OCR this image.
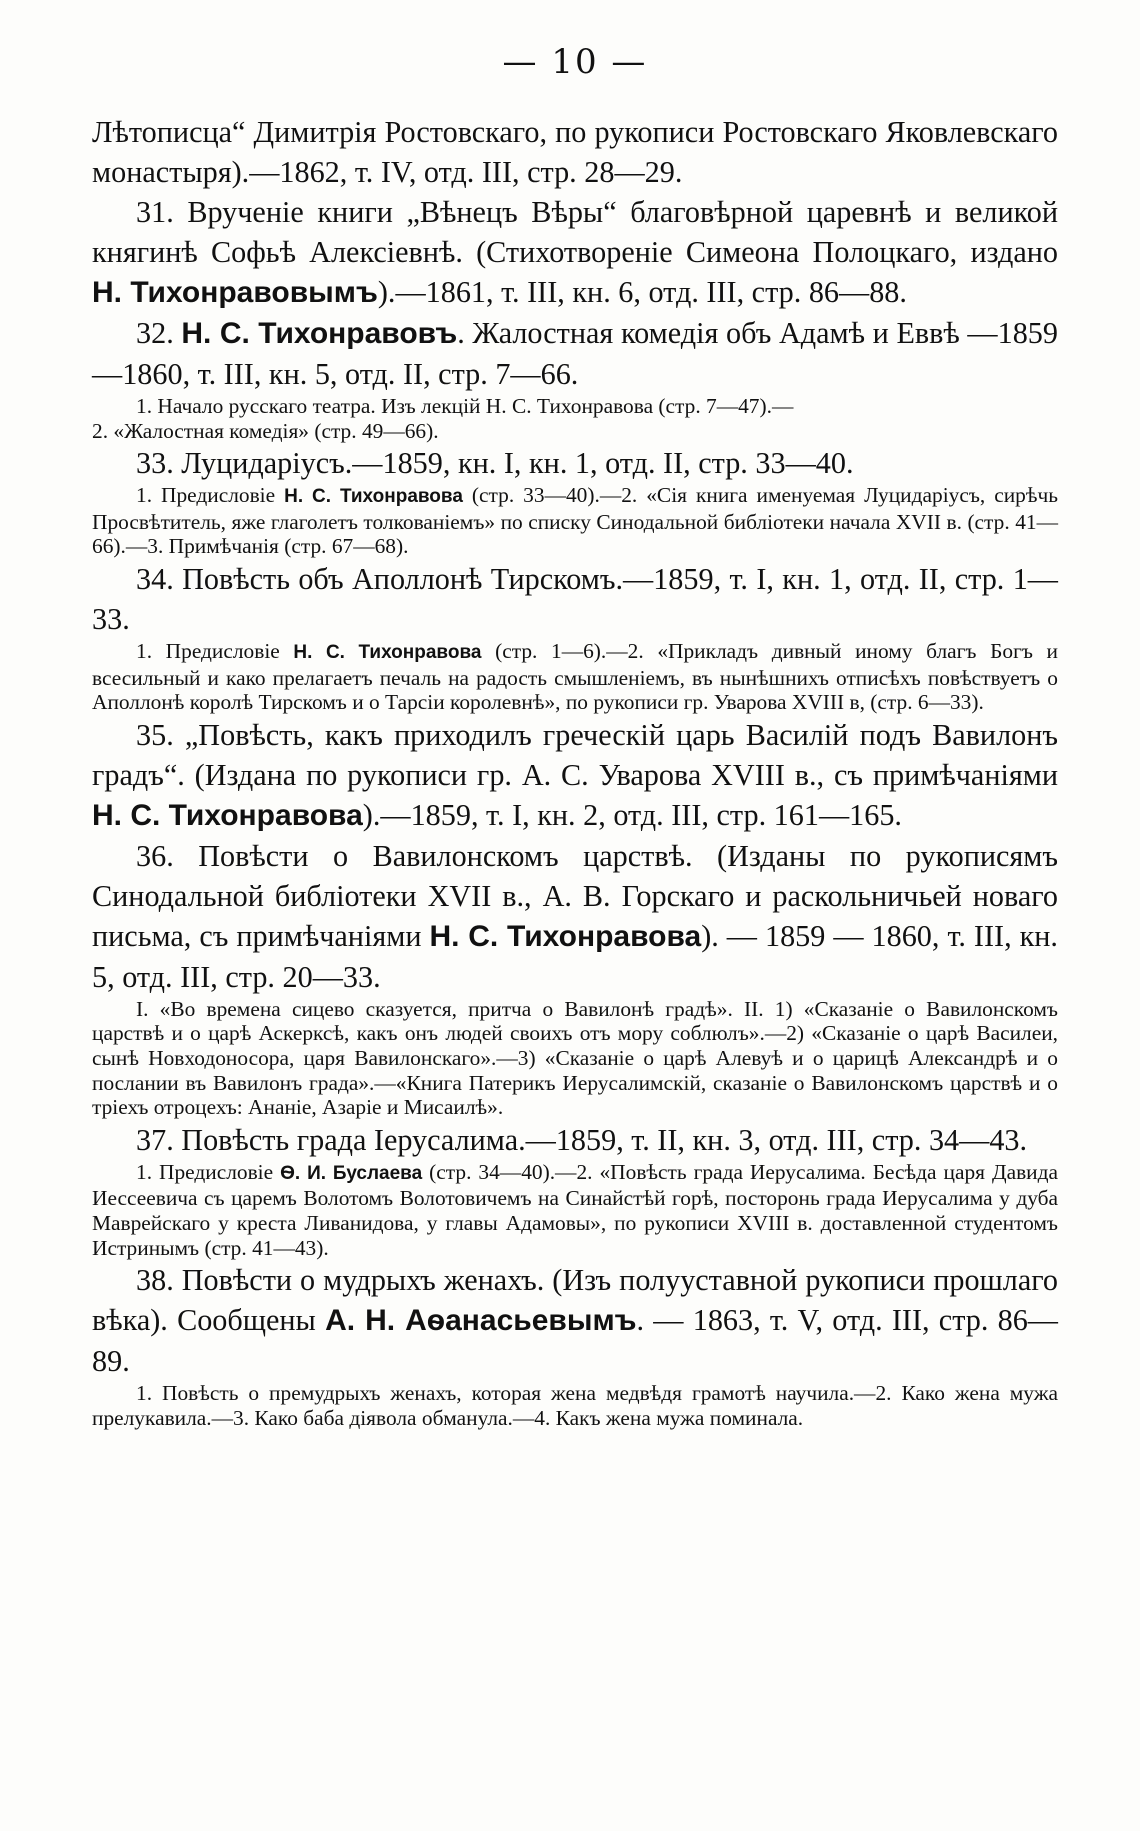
— 10 —

Лѣтописца“ Димитрія Ростовскаго, по рукописи Ростовскаго Яковлевскаго монастыря).—1862, т. IV, отд. III, стр. 28—29.

31. Врученіе книги „Вѣнецъ Вѣры“ благовѣрной царевнѣ и великой княгинѣ Софьѣ Алексіевнѣ. (Стихотвореніе Симеона Полоцкаго, издано Н. Тихонравовымъ).—1861, т. III, кн. 6, отд. III, стр. 86—88.

32. Н. С. Тихонравовъ. Жалостная комедія объ Адамѣ и Еввѣ —1859—1860, т. III, кн. 5, отд. II, стр. 7—66.

1. Начало русскаго театра. Изъ лекцій Н. С. Тихонравова (стр. 7—47).—

2. «Жалостная комедія» (стр. 49—66).

33. Луцидаріусъ.—1859, кн. I, кн. 1, отд. II, стр. 33—40.

1. Предисловіе Н. С. Тихонравова (стр. 33—40).—2. «Сія книга именуемая Луцидаріусъ, сирѣчь Просвѣтитель, яже глаголетъ толкованіемъ» по списку Синодальной библіотеки начала XVII в. (стр. 41—66).—3. Примѣчанія (стр. 67—68).

34. Повѣсть объ Аполлонѣ Тирскомъ.—1859, т. I, кн. 1, отд. II, стр. 1—33.

1. Предисловіе Н. С. Тихонравова (стр. 1—6).—2. «Прикладъ дивный иному благъ Богъ и всесильный и како прелагаетъ печаль на радость смышленіемъ, въ нынѣшнихъ отписѣхъ повѣствуетъ о Аполлонѣ королѣ Тирскомъ и о Тарсіи королевнѣ», по рукописи гр. Уварова XVIII в, (стр. 6—33).

35. „Повѣсть, какъ приходилъ греческій царь Василій подъ Вавилонъ градъ“. (Издана по рукописи гр. А. С. Уварова XVIII в., съ примѣчаніями Н. С. Тихонравова).—1859, т. I, кн. 2, отд. III, стр. 161—165.

36. Повѣсти о Вавилонскомъ царствѣ. (Изданы по рукописямъ Синодальной библіотеки XVII в., А. В. Горскаго и раскольничьей новаго письма, съ примѣчаніями Н. С. Тихонравова). — 1859 — 1860, т. III, кн. 5, отд. III, стр. 20—33.

I. «Во времена сицево сказуется, притча о Вавилонѣ градѣ». II. 1) «Сказаніе о Вавилонскомъ царствѣ и о царѣ Аскерксѣ, какъ онъ людей своихъ отъ мору соблюлъ».—2) «Сказаніе о царѣ Василеи, сынѣ Новходоносора, царя Вавилонскаго».—3) «Сказаніе о царѣ Алевуѣ и о царицѣ Александрѣ и о послании въ Вавилонъ града».—«Книга Патерикъ Иерусалимскій, сказаніе о Вавилонскомъ царствѣ и о тріехъ отроцехъ: Ананіе, Азаріе и Мисаилѣ».

37. Повѣсть града Іерусалима.—1859, т. II, кн. 3, отд. III, стр. 34—43.

1. Предисловіе Ѳ. И. Буслаева (стр. 34—40).—2. «Повѣсть града Иерусалима. Бесѣда царя Давида Иессеевича съ царемъ Волотомъ Волотовичемъ на Синайстѣй горѣ, посторонь града Иерусалима у дуба Маврейскаго у креста Ливанидова, у главы Адамовы», по рукописи XVIII в. доставленной студентомъ Истринымъ (стр. 41—43).

38. Повѣсти о мудрыхъ женахъ. (Изъ полууставной рукописи прошлаго вѣка). Сообщены А. Н. Аѳанасьевымъ. — 1863, т. V, отд. III, стр. 86—89.

1. Повѣсть о премудрыхъ женахъ, которая жена медвѣдя грамотѣ научила.—2. Како жена мужа прелукавила.—3. Како баба діявола обманула.—4. Какъ жена мужа поминала.
